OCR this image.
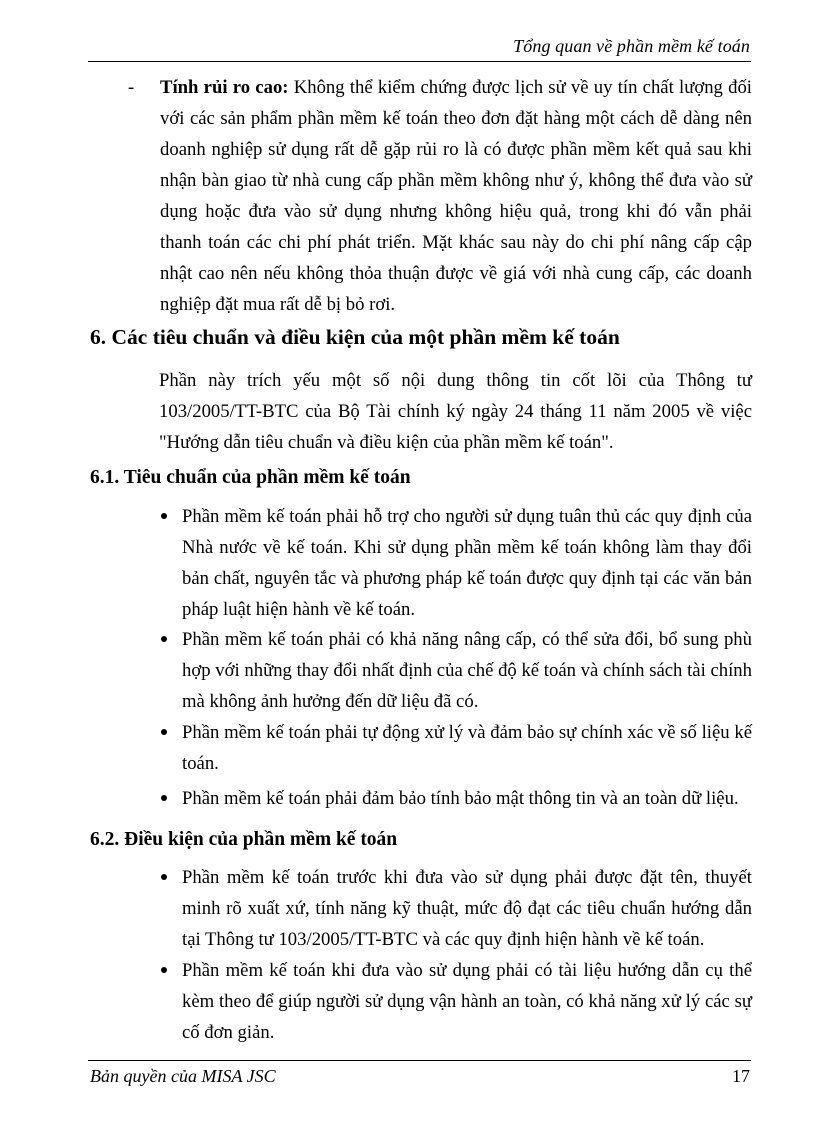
Tổng quan về phần mềm kế toán
- Tính rủi ro cao: Không thể kiểm chứng được lịch sử về uy tín chất lượng đối với các sản phẩm phần mềm kế toán theo đơn đặt hàng một cách dễ dàng nên doanh nghiệp sử dụng rất dễ gặp rủi ro là có được phần mềm kết quả sau khi nhận bàn giao từ nhà cung cấp phần mềm không như ý, không thể đưa vào sử dụng hoặc đưa vào sử dụng nhưng không hiệu quả, trong khi đó vẫn phải thanh toán các chi phí phát triển. Mặt khác sau này do chi phí nâng cấp cập nhật cao nên nếu không thỏa thuận được về giá với nhà cung cấp, các doanh nghiệp đặt mua rất dễ bị bỏ rơi.

6. Các tiêu chuẩn và điều kiện của một phần mềm kế toán

Phần này trích yếu một số nội dung thông tin cốt lõi của Thông tư 103/2005/TT-BTC của Bộ Tài chính ký ngày 24 tháng 11 năm 2005 về việc "Hướng dẫn tiêu chuẩn và điều kiện của phần mềm kế toán".

6.1. Tiêu chuẩn của phần mềm kế toán

Phần mềm kế toán phải hỗ trợ cho người sử dụng tuân thủ các quy định của Nhà nước về kế toán. Khi sử dụng phần mềm kế toán không làm thay đổi bản chất, nguyên tắc và phương pháp kế toán được quy định tại các văn bản pháp luật hiện hành về kế toán.

Phần mềm kế toán phải có khả năng nâng cấp, có thể sửa đổi, bổ sung phù hợp với những thay đổi nhất định của chế độ kế toán và chính sách tài chính mà không ảnh hưởng đến dữ liệu đã có.

Phần mềm kế toán phải tự động xử lý và đảm bảo sự chính xác về số liệu kế toán.

Phần mềm kế toán phải đảm bảo tính bảo mật thông tin và an toàn dữ liệu.

6.2. Điều kiện của phần mềm kế toán

Phần mềm kế toán trước khi đưa vào sử dụng phải được đặt tên, thuyết minh rõ xuất xứ, tính năng kỹ thuật, mức độ đạt các tiêu chuẩn hướng dẫn tại Thông tư 103/2005/TT-BTC và các quy định hiện hành về kế toán.

Phần mềm kế toán khi đưa vào sử dụng phải có tài liệu hướng dẫn cụ thể kèm theo để giúp người sử dụng vận hành an toàn, có khả năng xử lý các sự cố đơn giản.

Bản quyền của MISA JSC	17
